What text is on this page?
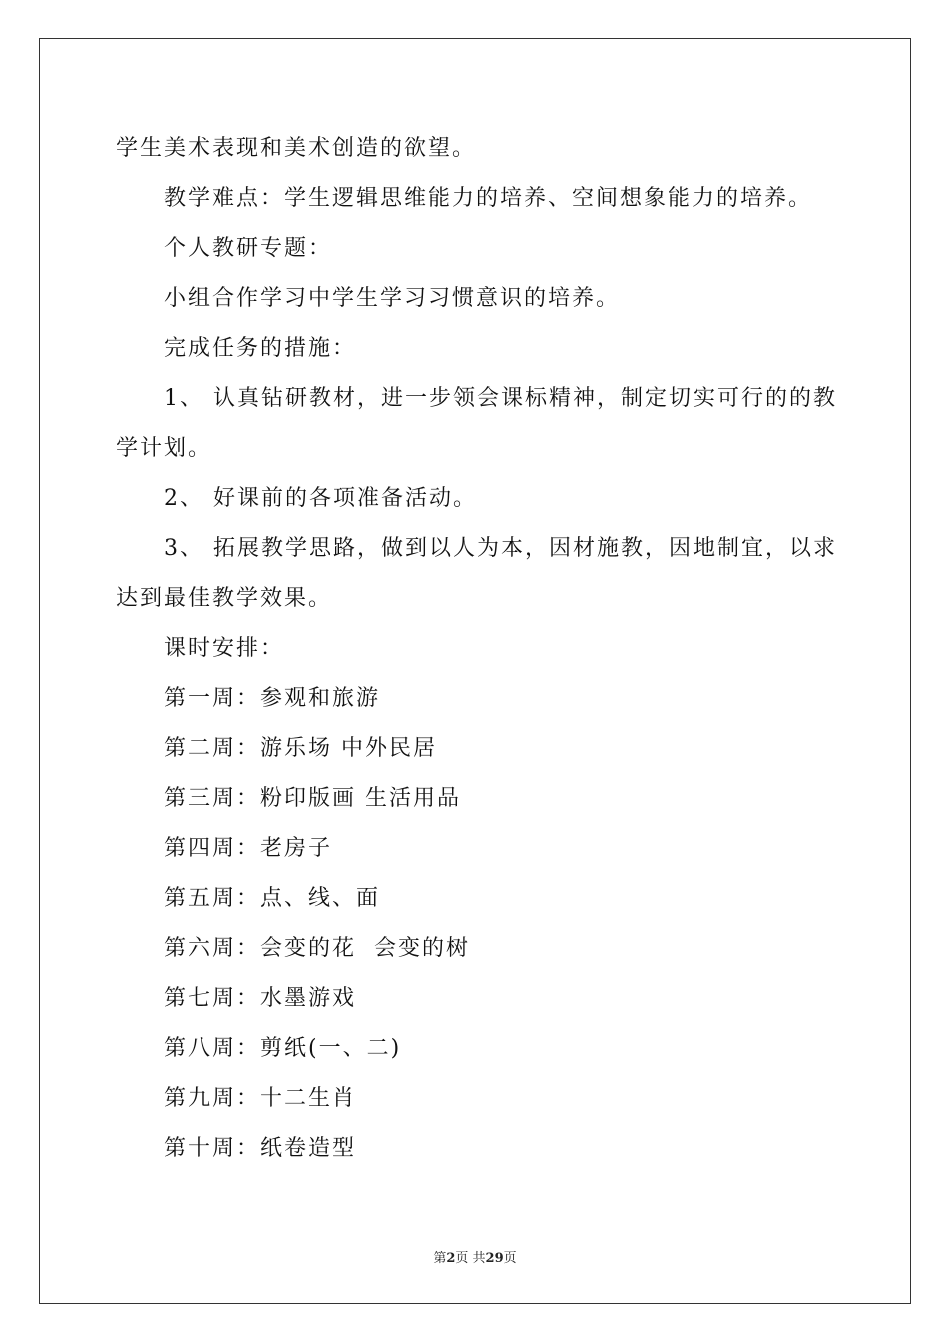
学生美术表现和美术创造的欲望。
教学难点：学生逻辑思维能力的培养、空间想象能力的培养。
个人教研专题：
小组合作学习中学生学习习惯意识的培养。
完成任务的措施：
1、 认真钻研教材，进一步领会课标精神，制定切实可行的的教
学计划。
2、 好课前的各项准备活动。
3、 拓展教学思路，做到以人为本，因材施教，因地制宜，以求
达到最佳教学效果。
课时安排：
第一周：参观和旅游
第二周：游乐场 中外民居
第三周：粉印版画 生活用品
第四周：老房子
第五周：点、线、面
第六周：会变的花  会变的树
第七周：水墨游戏
第八周：剪纸(一、二)
第九周：十二生肖
第十周：纸卷造型
第2页 共29页
